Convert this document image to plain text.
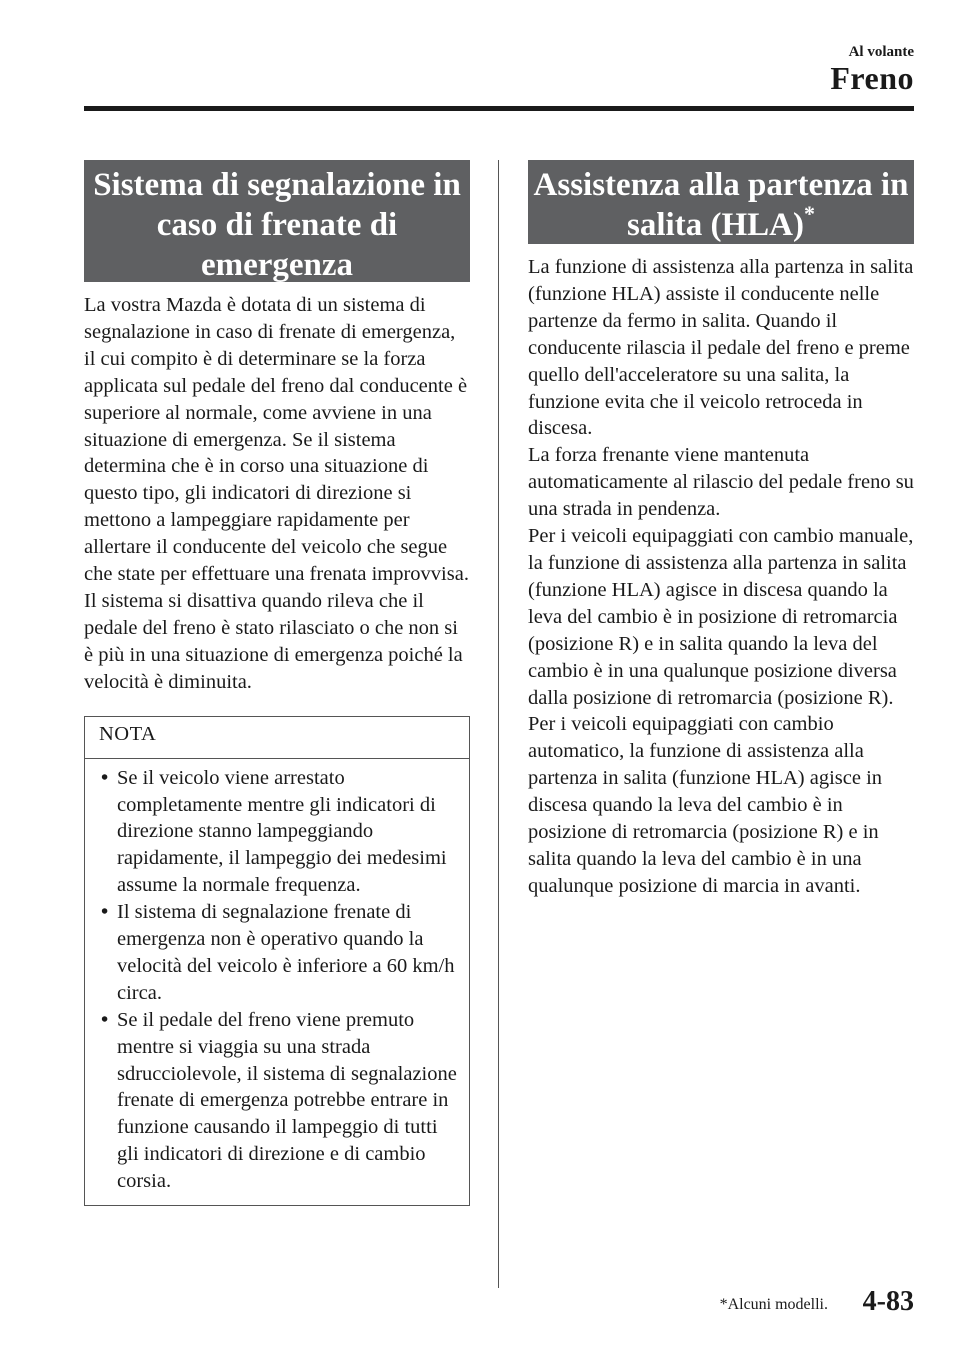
Al volante
Freno
Sistema di segnalazione in caso di frenate di emergenza

La vostra Mazda è dotata di un sistema di segnalazione in caso di frenate di emergenza, il cui compito è di determinare se la forza applicata sul pedale del freno dal conducente è superiore al normale, come avviene in una situazione di emergenza. Se il sistema determina che è in corso una situazione di questo tipo, gli indicatori di direzione si mettono a lampeggiare rapidamente per allertare il conducente del veicolo che segue che state per effettuare una frenata improvvisa.

Il sistema si disattiva quando rileva che il pedale del freno è stato rilasciato o che non si è più in una situazione di emergenza poiché la velocità è diminuita.

NOTA
• Se il veicolo viene arrestato completamente mentre gli indicatori di direzione stanno lampeggiando rapidamente, il lampeggio dei medesimi assume la normale frequenza.
• Il sistema di segnalazione frenate di emergenza non è operativo quando la velocità del veicolo è inferiore a 60 km/h circa.
• Se il pedale del freno viene premuto mentre si viaggia su una strada sdrucciolevole, il sistema di segnalazione frenate di emergenza potrebbe entrare in funzione causando il lampeggio di tutti gli indicatori di direzione e di cambio corsia.
Assistenza alla partenza in salita (HLA)*

La funzione di assistenza alla partenza in salita (funzione HLA) assiste il conducente nelle partenze da fermo in salita. Quando il conducente rilascia il pedale del freno e preme quello dell'acceleratore su una salita, la funzione evita che il veicolo retroceda in discesa.

La forza frenante viene mantenuta automaticamente al rilascio del pedale freno su una strada in pendenza.

Per i veicoli equipaggiati con cambio manuale, la funzione di assistenza alla partenza in salita (funzione HLA) agisce in discesa quando la leva del cambio è in posizione di retromarcia (posizione R) e in salita quando la leva del cambio è in una qualunque posizione diversa dalla posizione di retromarcia (posizione R).

Per i veicoli equipaggiati con cambio automatico, la funzione di assistenza alla partenza in salita (funzione HLA) agisce in discesa quando la leva del cambio è in posizione di retromarcia (posizione R) e in salita quando la leva del cambio è in una qualunque posizione di marcia in avanti.

*Alcuni modelli. 4-83
